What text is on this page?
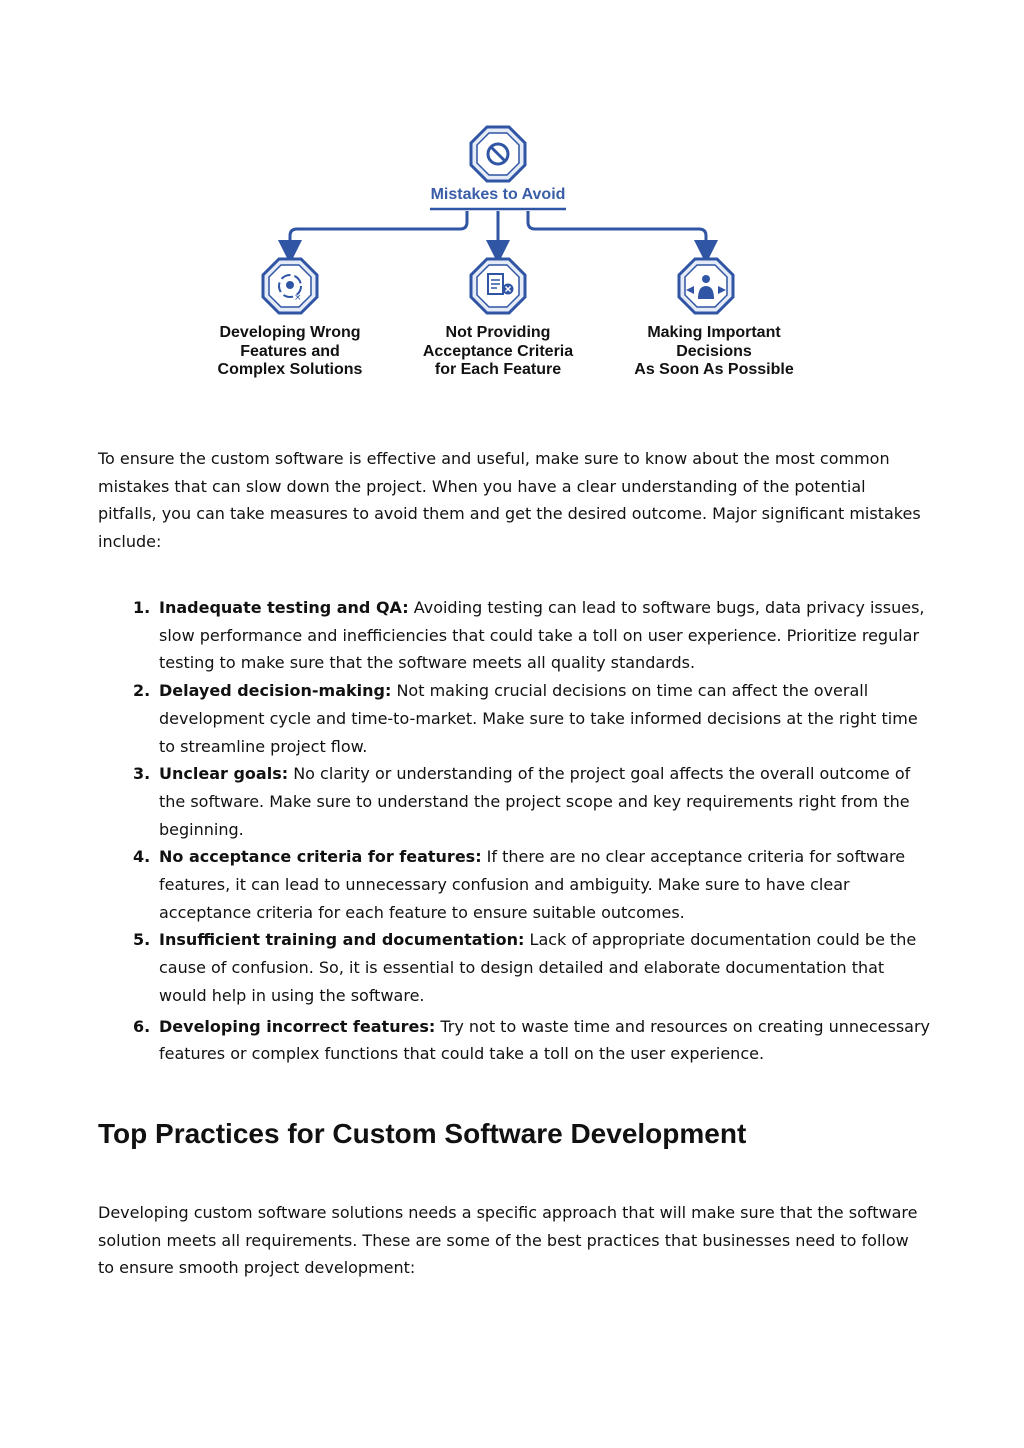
×
Mistakes to Avoid
Developing Wrong
Features and
Complex Solutions
Not Providing
Acceptance Criteria
for Each Feature
Making Important
Decisions
As Soon As Possible

To ensure the custom software is effective and useful, make sure to know about the most common mistakes that can slow down the project. When you have a clear understanding of the potential pitfalls, you can take measures to avoid them and get the desired outcome. Major significant mistakes include:

1. Inadequate testing and QA: Avoiding testing can lead to software bugs, data privacy issues, slow performance and inefficiencies that could take a toll on user experience. Prioritize regular testing to make sure that the software meets all quality standards.
2. Delayed decision-making: Not making crucial decisions on time can affect the overall development cycle and time-to-market. Make sure to take informed decisions at the right time to streamline project flow.
3. Unclear goals: No clarity or understanding of the project goal affects the overall outcome of the software. Make sure to understand the project scope and key requirements right from the beginning.
4. No acceptance criteria for features: If there are no clear acceptance criteria for software features, it can lead to unnecessary confusion and ambiguity. Make sure to have clear acceptance criteria for each feature to ensure suitable outcomes.
5. Insufficient training and documentation: Lack of appropriate documentation could be the cause of confusion. So, it is essential to design detailed and elaborate documentation that would help in using the software.
6. Developing incorrect features: Try not to waste time and resources on creating unnecessary features or complex functions that could take a toll on the user experience.
Top Practices for Custom Software Development

Developing custom software solutions needs a specific approach that will make sure that the software solution meets all requirements. These are some of the best practices that businesses need to follow to ensure smooth project development:
